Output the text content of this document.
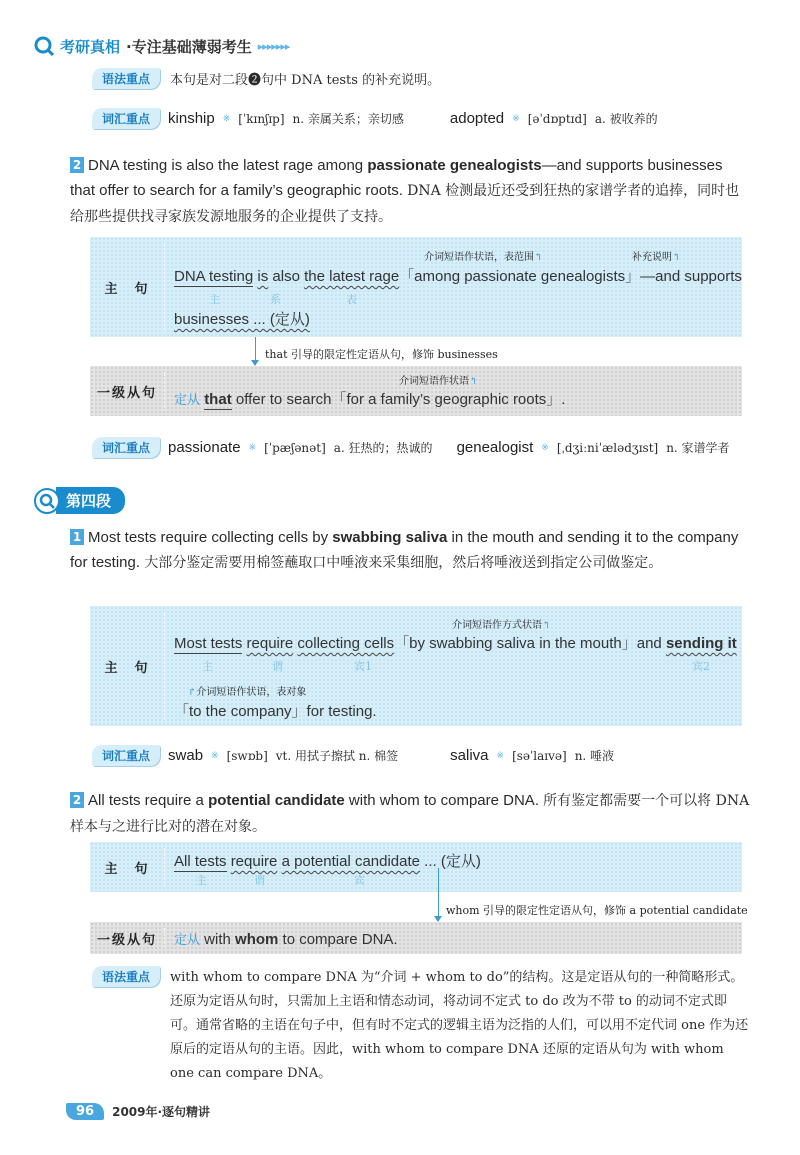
考研真相 ·专注基础薄弱考生 ▸▸▸▸▸▸▸
语法重点	本句是对二段❷句中 DNA tests 的补充说明。
词汇重点	kinship ※ [ˈkɪnʃɪp] n. 亲属关系；亲切感	adopted ※ [əˈdɒptɪd] a. 被收养的
2 DNA testing is also the latest rage among passionate genealogists—and supports businesses that offer to search for a family’s geographic roots. DNA 检测最近还受到狂热的家谱学者的追捧，同时也给那些提供找寻家族发源地服务的企业提供了支持。
主　句
介词短语作状语，表范围↰	补充说明↰
DNA testing is also the latest rage「among passionate genealogists」—and supports
主	系	表
businesses ... (定从)
that 引导的限定性定语从句，修饰 businesses
一级从句
介词短语作状语↰
定从 that offer to search「for a family’s geographic roots」.
词汇重点	passionate ※ [ˈpæʃənət] a. 狂热的；热诚的 genealogist ※ [ˌdʒiːniˈælədʒɪst] n. 家谱学者
第四段
1 Most tests require collecting cells by swabbing saliva in the mouth and sending it to the company for testing. 大部分鉴定需要用棉签蘸取口中唾液来采集细胞，然后将唾液送到指定公司做鉴定。
主　句
介词短语作方式状语↰
Most tests require collecting cells「by swabbing saliva in the mouth」and sending it
主	谓	宾1	宾2
↱介词短语作状语，表对象
「to the company」for testing.
词汇重点	swab ※ [swɒb] vt. 用拭子擦拭 n. 棉签	saliva ※ [səˈlaɪvə] n. 唾液
2 All tests require a potential candidate with whom to compare DNA. 所有鉴定都需要一个可以将 DNA 样本与之进行比对的潜在对象。
主　句	All tests require a potential candidate ... (定从)
主	谓	宾
whom 引导的限定性定语从句，修饰 a potential candidate
一级从句	定从 with whom to compare DNA.
语法重点	with whom to compare DNA 为“介词 + whom to do”的结构。这是定语从句的一种简略形式。还原为定语从句时，只需加上主语和情态动词，将动词不定式 to do 改为不带 to 的动词不定式即可。通常省略的主语在句子中，但有时不定式的逻辑主语为泛指的人们，可以用不定代词 one 作为还原后的定语从句的主语。因此，with whom to compare DNA 还原的定语从句为 with whom one can compare DNA。
96	2009年·逐句精讲
